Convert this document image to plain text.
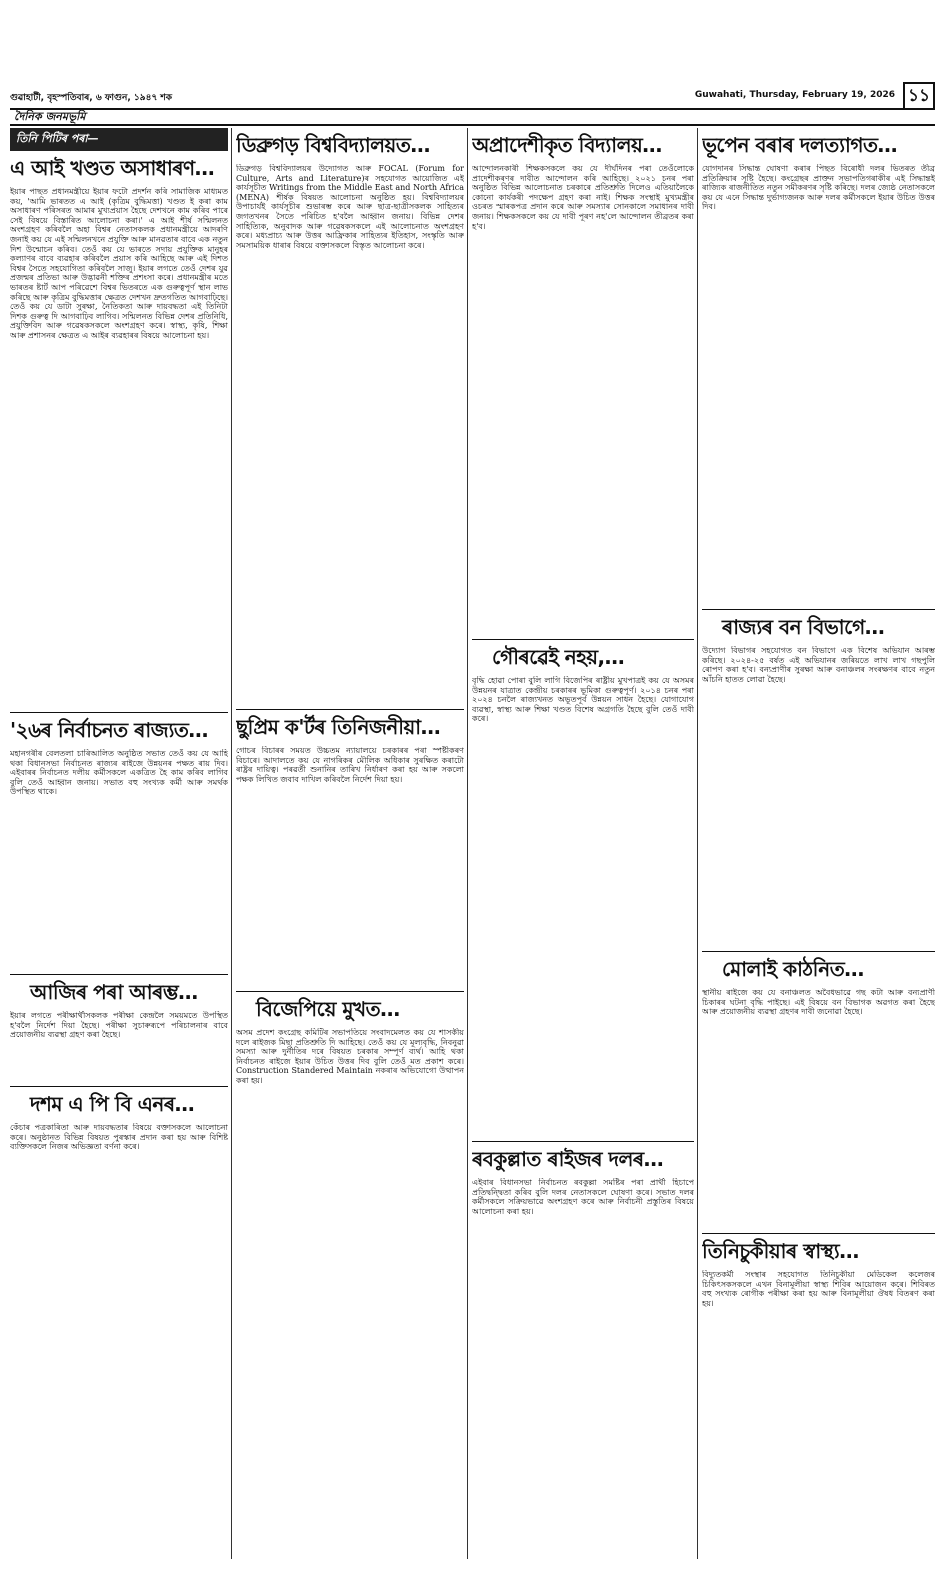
গুৱাহাটী, বৃহস্পতিবাৰ, ৬ ফাগুন, ১৯৪৭ শক	Guwahati, Thursday, February 19, 2026 ১১
দৈনিক জনমভূমি
তিনি পিটিৰ পৰা—
এ আই খণ্ডত অসাধাৰণ…

ইয়াৰ পাছত প্ৰধানমন্ত্ৰীয়ে ইয়াৰ ফটো প্ৰদৰ্শন কৰি সামাজিক মাধ্যমত কয়, 'আমি ভাৰতত এ আই (কৃত্ৰিম বুদ্ধিমত্তা) খণ্ডত ই কৰা কাম অসাধাৰণ পৰিসৰত আমাৰ মুখ্যপ্ৰয়াস হৈছে দেশখনে কাম কৰিব পাৰে সেই বিষয়ে বিস্তাৰিত আলোচনা কৰা।' এ আই শীৰ্ষ সন্মিলনত অংশগ্ৰহণ কৰিবলৈ অহা বিশ্বৰ নেতাসকলক প্ৰধানমন্ত্ৰীয়ে আদৰণি জনাই কয় যে এই সন্মিলনখনে প্ৰযুক্তি আৰু মানৱতাৰ বাবে এক নতুন দিশ উন্মোচন কৰিব। তেওঁ কয় যে ভাৰতে সদায় প্ৰযুক্তিক মানুহৰ কল্যাণৰ বাবে ব্যৱহাৰ কৰিবলৈ প্ৰয়াস কৰি আহিছে আৰু এই দিশত বিশ্বৰ সৈতে সহযোগিতা কৰিবলৈ সাজু। ইয়াৰ লগতে তেওঁ দেশৰ যুৱ প্ৰজন্মৰ প্ৰতিভা আৰু উদ্ভাৱনী শক্তিৰ প্ৰশংসা কৰে। প্ৰধানমন্ত্ৰীৰ মতে ভাৰতৰ ষ্টাৰ্ট আপ পৰিৱেশে বিশ্বৰ ভিতৰতে এক গুৰুত্বপূৰ্ণ স্থান লাভ কৰিছে আৰু কৃত্ৰিম বুদ্ধিমত্তাৰ ক্ষেত্ৰত দেশখন দ্ৰুতগতিত আগবাঢ়িছে। তেওঁ কয় যে ডাটা সুৰক্ষা, নৈতিকতা আৰু দায়বদ্ধতা এই তিনিটা দিশক গুৰুত্ব দি আগবাঢ়িব লাগিব। সন্মিলনত বিভিন্ন দেশৰ প্ৰতিনিধি, প্ৰযুক্তিবিদ আৰু গৱেষকসকলে অংশগ্ৰহণ কৰে। স্বাস্থ্য, কৃষি, শিক্ষা আৰু প্ৰশাসনৰ ক্ষেত্ৰত এ আইৰ ব্যৱহাৰৰ বিষয়ে আলোচনা হয়।

'২৬ৰ নিৰ্বাচনত ৰাজ্যত…

মহানগৰীৰ বেলতলা চাৰিআলিত অনুষ্ঠিত সভাত তেওঁ কয় যে আহি থকা বিধানসভা নিৰ্বাচনত ৰাজ্যৰ ৰাইজে উন্নয়নৰ পক্ষত ৰায় দিব। এইবাৰৰ নিৰ্বাচনত দলীয় কৰ্মীসকলে একত্ৰিত হৈ কাম কৰিব লাগিব বুলি তেওঁ আহ্বান জনায়। সভাত বহু সংখ্যক কৰ্মী আৰু সমৰ্থক উপস্থিত থাকে।

আজিৰ পৰা আৰম্ভ…

ইয়াৰ লগতে পৰীক্ষাৰ্থীসকলক পৰীক্ষা কেন্দ্ৰলৈ সময়মতে উপস্থিত হ'বলৈ নিৰ্দেশ দিয়া হৈছে। পৰীক্ষা সুচাৰুৰূপে পৰিচালনাৰ বাবে প্ৰয়োজনীয় ব্যৱস্থা গ্ৰহণ কৰা হৈছে।

দশম এ পি বি এনৰ…

কেঁচাৰ পত্ৰকাৰিতা আৰু দায়বদ্ধতাৰ বিষয়ে বক্তাসকলে আলোচনা কৰে। অনুষ্ঠানত বিভিন্ন বিষয়ত পুৰস্কাৰ প্ৰদান কৰা হয় আৰু বিশিষ্ট ব্যক্তিসকলে নিজৰ অভিজ্ঞতা বৰ্ণনা কৰে।

ডিব্ৰুগড় বিশ্ববিদ্যালয়ত…

ডিব্ৰুগড় বিশ্ববিদ্যালয়ৰ উদ্যোগত আৰু FOCAL (Forum for Culture, Arts and Literature)ৰ সহযোগত আয়োজিত এই কাৰ্যসূচীত Writings from the Middle East and North Africa (MENA) শীৰ্ষক বিষয়ত আলোচনা অনুষ্ঠিত হয়। বিশ্ববিদ্যালয়ৰ উপাচাৰ্যই কাৰ্যসূচীৰ শুভাৰম্ভ কৰে আৰু ছাত্ৰ-ছাত্ৰীসকলক সাহিত্যৰ জগতখনৰ সৈতে পৰিচিত হ'বলৈ আহ্বান জনায়। বিভিন্ন দেশৰ সাহিত্যিক, অনুবাদক আৰু গৱেষকসকলে এই আলোচনাত অংশগ্ৰহণ কৰে। মধ্যপ্ৰাচ্য আৰু উত্তৰ আফ্ৰিকাৰ সাহিত্যৰ ইতিহাস, সংস্কৃতি আৰু সমসাময়িক ধাৰাৰ বিষয়ে বক্তাসকলে বিস্তৃত আলোচনা কৰে।

ছুপ্ৰিম ক'ৰ্টৰ তিনিজনীয়া…

গোচৰ বিচাৰৰ সময়ত উচ্চতম ন্যায়ালয়ে চৰকাৰৰ পৰা স্পষ্টীকৰণ বিচাৰে। আদালতে কয় যে নাগৰিকৰ মৌলিক অধিকাৰ সুৰক্ষিত কৰাটো ৰাষ্ট্ৰৰ দায়িত্ব। পৰৱৰ্তী শুনানিৰ তাৰিখ নিৰ্ধাৰণ কৰা হয় আৰু সকলো পক্ষক লিখিত জবাব দাখিল কৰিবলৈ নিৰ্দেশ দিয়া হয়।

বিজেপিয়ে মুখত…

অসম প্ৰদেশ কংগ্ৰেছ কমিটিৰ সভাপতিয়ে সংবাদমেলত কয় যে শাসকীয় দলে ৰাইজক মিছা প্ৰতিশ্ৰুতি দি আহিছে। তেওঁ কয় যে মূল্যবৃদ্ধি, নিবনুৱা সমস্যা আৰু দুৰ্নীতিৰ দৰে বিষয়ত চৰকাৰ সম্পূৰ্ণ ব্যৰ্থ। আহি থকা নিৰ্বাচনত ৰাইজে ইয়াৰ উচিত উত্তৰ দিব বুলি তেওঁ মত প্ৰকাশ কৰে। Construction Standered Maintain নকৰাৰ অভিযোগো উত্থাপন কৰা হয়।

অপ্ৰাদেশীকৃত বিদ্যালয়…

আন্দোলনকাৰী শিক্ষকসকলে কয় যে দীৰ্ঘদিনৰ পৰা তেওঁলোকে প্ৰাদেশীকৰণৰ দাবীত আন্দোলন কৰি আহিছে। ২০২১ চনৰ পৰা অনুষ্ঠিত বিভিন্ন আলোচনাত চৰকাৰে প্ৰতিশ্ৰুতি দিলেও এতিয়ালৈকে কোনো কাৰ্যকৰী পদক্ষেপ গ্ৰহণ কৰা নাই। শিক্ষক সংস্থাই মুখ্যমন্ত্ৰীৰ ওচৰত স্মাৰকপত্ৰ প্ৰদান কৰে আৰু সমস্যাৰ সোনকালে সমাধানৰ দাবী জনায়। শিক্ষকসকলে কয় যে দাবী পূৰণ নহ'লে আন্দোলন তীব্ৰতৰ কৰা হ'ব।

গৌৰৱেই নহয়,…

বৃদ্ধি হোৱা পোৰা বুলি লাগি বিজেপিৰ ৰাষ্ট্ৰীয় মুখপাত্ৰই কয় যে অসমৰ উন্নয়নৰ যাত্ৰাত কেন্দ্ৰীয় চৰকাৰৰ ভূমিকা গুৰুত্বপূৰ্ণ। ২০১৪ চনৰ পৰা ২০২৪ চনলৈ ৰাজ্যখনত অভূতপূৰ্ব উন্নয়ন সাধন হৈছে। যোগাযোগ ব্যৱস্থা, স্বাস্থ্য আৰু শিক্ষা খণ্ডত বিশেষ অগ্ৰগতি হৈছে বুলি তেওঁ দাবী কৰে।

ৰবকুল্লাত ৰাইজৰ দলৰ…

এইবাৰ বিধানসভা নিৰ্বাচনত ৰবকুল্লা সমষ্টিৰ পৰা প্ৰাৰ্থী হিচাপে প্ৰতিদ্বন্দ্বিতা কৰিব বুলি দলৰ নেতাসকলে ঘোষণা কৰে। সভাত দলৰ কৰ্মীসকলে সক্ৰিয়ভাৱে অংশগ্ৰহণ কৰে আৰু নিৰ্বাচনী প্ৰস্তুতিৰ বিষয়ে আলোচনা কৰা হয়।

ভূপেন বৰাৰ দলত্যাগত…

যোগদানৰ সিদ্ধান্ত ঘোষণা কৰাৰ পিছত বিৰোধী দলৰ ভিতৰত তীব্ৰ প্ৰতিক্ৰিয়াৰ সৃষ্টি হৈছে। কংগ্ৰেছৰ প্ৰাক্তন সভাপতিগৰাকীৰ এই সিদ্ধান্তই ৰাজ্যিক ৰাজনীতিত নতুন সমীকৰণৰ সৃষ্টি কৰিছে। দলৰ জ্যেষ্ঠ নেতাসকলে কয় যে এনে সিদ্ধান্ত দুৰ্ভাগ্যজনক আৰু দলৰ কৰ্মীসকলে ইয়াৰ উচিত উত্তৰ দিব।

ৰাজ্যৰ বন বিভাগে…

উদ্যোগ বিভাগৰ সহযোগত বন বিভাগে এক বিশেষ অভিযান আৰম্ভ কৰিছে। ২০২৪-২৫ বৰ্ষত এই অভিযানৰ জৰিয়তে লাখ লাখ গছপুলি ৰোপণ কৰা হ'ব। বন্যপ্ৰাণীৰ সুৰক্ষা আৰু বনাঞ্চলৰ সংৰক্ষণৰ বাবে নতুন আঁচনি হাতত লোৱা হৈছে।

মোলাই কাঠনিত…

স্থানীয় ৰাইজে কয় যে বনাঞ্চলত অবৈধভাৱে গছ কটা আৰু বন্যপ্ৰাণী চিকাৰৰ ঘটনা বৃদ্ধি পাইছে। এই বিষয়ে বন বিভাগক অৱগত কৰা হৈছে আৰু প্ৰয়োজনীয় ব্যৱস্থা গ্ৰহণৰ দাবী জনোৱা হৈছে।

তিনিচুকীয়াৰ স্বাস্থ্য…

বিদ্যুতকৰ্মী সংস্থাৰ সহযোগত তিনিচুকীয়া মেডিকেল কলেজৰ চিকিৎসকসকলে এখন বিনামূলীয়া স্বাস্থ্য শিবিৰ আয়োজন কৰে। শিবিৰত বহু সংখ্যক ৰোগীক পৰীক্ষা কৰা হয় আৰু বিনামূলীয়া ঔষধ বিতৰণ কৰা হয়।
